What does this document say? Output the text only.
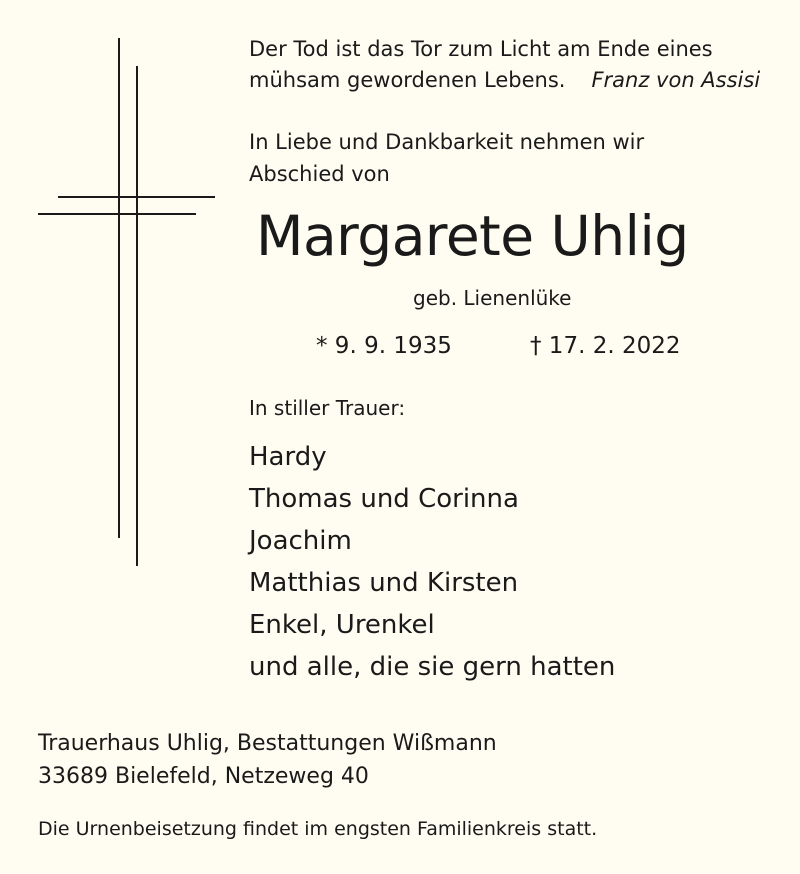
Der Tod ist das Tor zum Licht am Ende eines
mühsam gewordenen Lebens. Franz von Assisi
In Liebe und Dankbarkeit nehmen wir
Abschied von
Margarete Uhlig
geb. Lienenlüke
* 9. 9. 1935	† 17. 2. 2022
In stiller Trauer:
Hardy
Thomas und Corinna
Joachim
Matthias und Kirsten
Enkel, Urenkel
und alle, die sie gern hatten
Trauerhaus Uhlig, Bestattungen Wißmann
33689 Bielefeld, Netzeweg 40
Die Urnenbeisetzung findet im engsten Familienkreis statt.
